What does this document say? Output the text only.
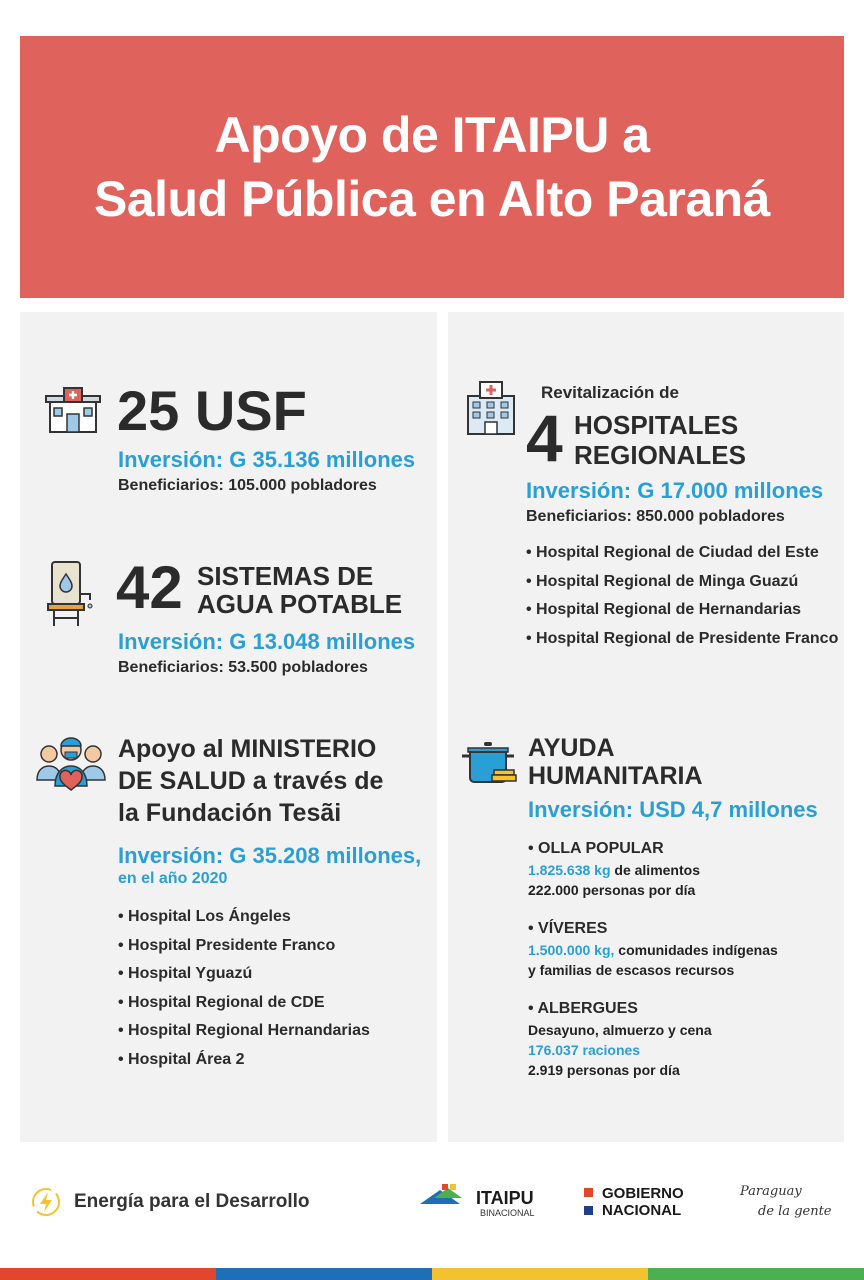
Apoyo de ITAIPU a
Salud Pública en Alto Paraná
25 USF
Inversión: G 35.136 millones
Beneficiarios: 105.000 pobladores
42 SISTEMAS DE
AGUA POTABLE
Inversión: G 13.048 millones
Beneficiarios: 53.500 pobladores
Apoyo al MINISTERIO
DE SALUD a través de
la Fundación Tesãi
Inversión: G 35.208 millones,
en el año 2020
• Hospital Los Ángeles
• Hospital Presidente Franco
• Hospital Yguazú
• Hospital Regional de CDE
• Hospital Regional Hernandarias
• Hospital Área 2
Revitalización de
4 HOSPITALES
REGIONALES
Inversión: G 17.000 millones
Beneficiarios: 850.000 pobladores
• Hospital Regional de Ciudad del Este
• Hospital Regional de Minga Guazú
• Hospital Regional de Hernandarias
• Hospital Regional de Presidente Franco
AYUDA
HUMANITARIA
Inversión: USD 4,7 millones
• OLLA POPULAR
1.825.638 kg de alimentos
222.000 personas por día
• VÍVERES
1.500.000 kg, comunidades indígenas
y familias de escasos recursos
• ALBERGUES
Desayuno, almuerzo y cena
176.037 raciones
2.919 personas por día
Energía para el Desarrollo	ITAIPU
BINACIONAL
GOBIERNO
NACIONAL
Paraguay
de la gente
